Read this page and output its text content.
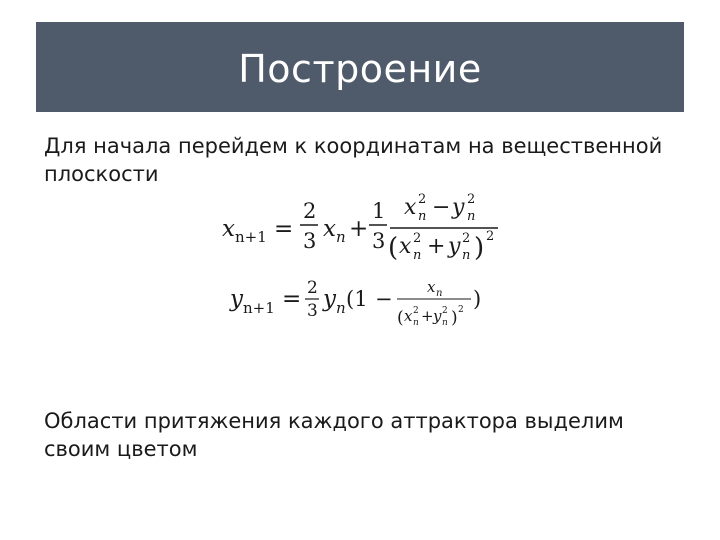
Построение
Для начала перейдем к координатам на вещественной плоскости
x n+1 =
2
3 x n +
1
3
x 2
n − y 2
n
( x 2
n + y 2
n ) 2
y n+1 = 2
3 y n (1 − x n
( x 2
n + y 2
n ) 2 )
Области притяжения каждого аттрактора выделим своим цветом
